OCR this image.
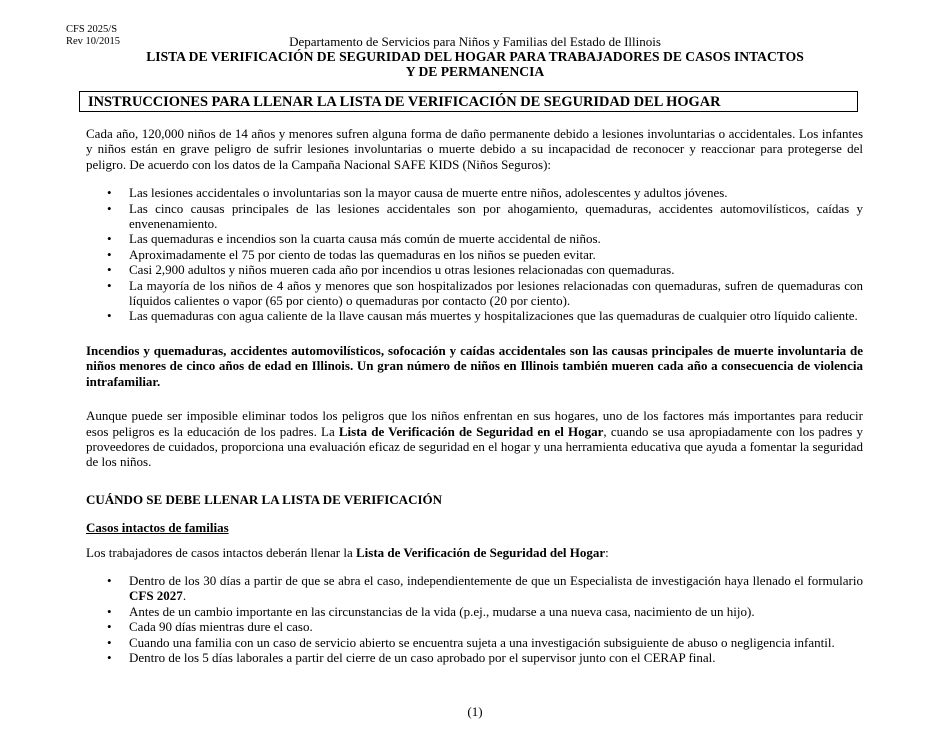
CFS 2025/S
Rev 10/2015	Departamento de Servicios para Niños y Familias del Estado de Illinois
LISTA DE VERIFICACIÓN DE SEGURIDAD DEL HOGAR PARA TRABAJADORES DE CASOS INTACTOS
Y DE PERMANENCIA
INSTRUCCIONES PARA LLENAR LA LISTA DE VERIFICACIÓN DE SEGURIDAD DEL HOGAR

Cada año, 120,000 niños de 14 años y menores sufren alguna forma de daño permanente debido a lesiones involuntarias o accidentales. Los infantes y niños están en grave peligro de sufrir lesiones involuntarias o muerte debido a su incapacidad de reconocer y reaccionar para protegerse del peligro. De acuerdo con los datos de la Campaña Nacional SAFE KIDS (Niños Seguros):

• Las lesiones accidentales o involuntarias son la mayor causa de muerte entre niños, adolescentes y adultos jóvenes.
• Las cinco causas principales de las lesiones accidentales son por ahogamiento, quemaduras, accidentes automovilísticos, caídas y envenenamiento.
• Las quemaduras e incendios son la cuarta causa más común de muerte accidental de niños.
• Aproximadamente el 75 por ciento de todas las quemaduras en los niños se pueden evitar.
• Casi 2,900 adultos y niños mueren cada año por incendios u otras lesiones relacionadas con quemaduras.
• La mayoría de los niños de 4 años y menores que son hospitalizados por lesiones relacionadas con quemaduras, sufren de quemaduras con líquidos calientes o vapor (65 por ciento) o quemaduras por contacto (20 por ciento).
• Las quemaduras con agua caliente de la llave causan más muertes y hospitalizaciones que las quemaduras de cualquier otro líquido caliente.

Incendios y quemaduras, accidentes automovilísticos, sofocación y caídas accidentales son las causas principales de muerte involuntaria de niños menores de cinco años de edad en Illinois. Un gran número de niños en Illinois también mueren cada año a consecuencia de violencia intrafamiliar.

Aunque puede ser imposible eliminar todos los peligros que los niños enfrentan en sus hogares, uno de los factores más importantes para reducir esos peligros es la educación de los padres. La Lista de Verificación de Seguridad en el Hogar, cuando se usa apropiadamente con los padres y proveedores de cuidados, proporciona una evaluación eficaz de seguridad en el hogar y una herramienta educativa que ayuda a fomentar la seguridad de los niños.

CUÁNDO SE DEBE LLENAR LA LISTA DE VERIFICACIÓN

Casos intactos de familias

Los trabajadores de casos intactos deberán llenar la Lista de Verificación de Seguridad del Hogar:

• Dentro de los 30 días a partir de que se abra el caso, independientemente de que un Especialista de investigación haya llenado el formulario CFS 2027.
• Antes de un cambio importante en las circunstancias de la vida (p.ej., mudarse a una nueva casa, nacimiento de un hijo).
• Cada 90 días mientras dure el caso.
• Cuando una familia con un caso de servicio abierto se encuentra sujeta a una investigación subsiguiente de abuso o negligencia infantil.
• Dentro de los 5 días laborales a partir del cierre de un caso aprobado por el supervisor junto con el CERAP final.
(1)
